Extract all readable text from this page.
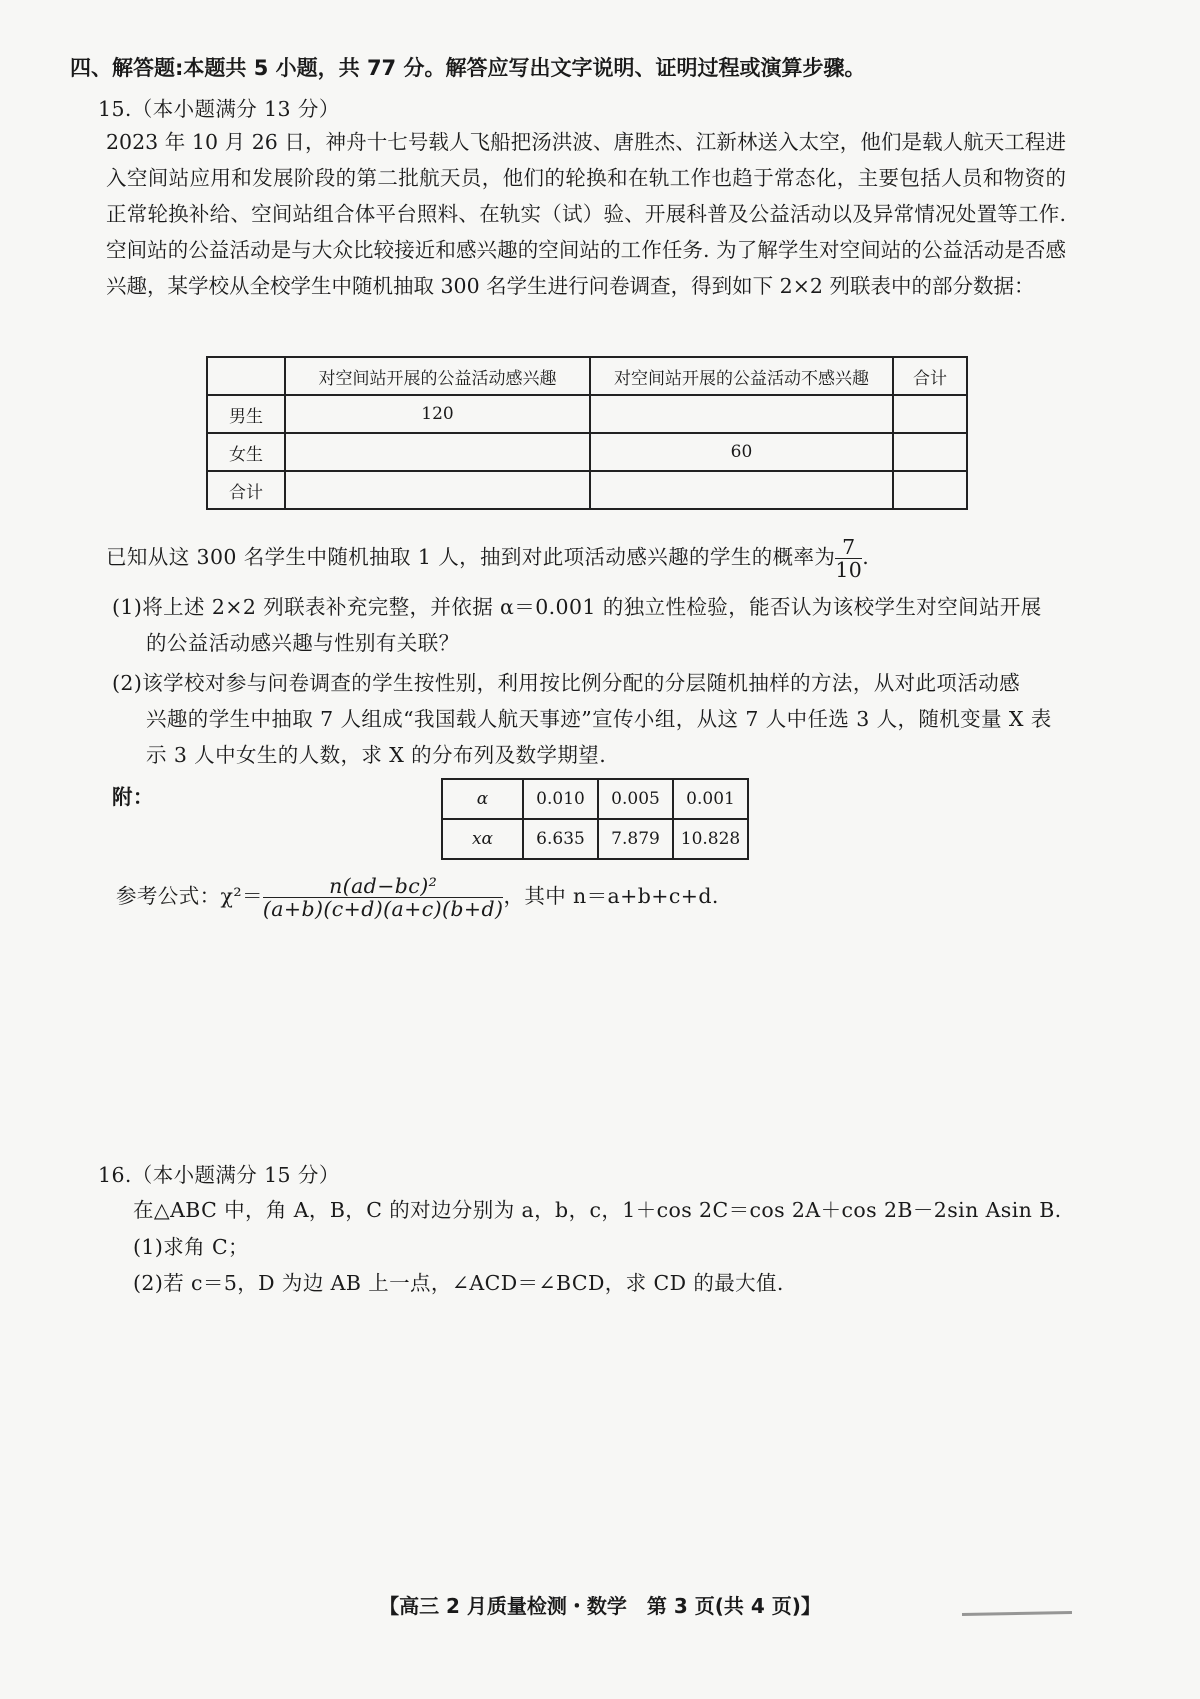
四、解答题:本题共 5 小题，共 77 分。解答应写出文字说明、证明过程或演算步骤。
15.（本小题满分 13 分）
2023 年 10 月 26 日，神舟十七号载人飞船把汤洪波、唐胜杰、江新林送入太空，他们是载人航天工程进入空间站应用和发展阶段的第二批航天员，他们的轮换和在轨工作也趋于常态化，主要包括人员和物资的正常轮换补给、空间站组合体平台照料、在轨实（试）验、开展科普及公益活动以及异常情况处置等工作. 空间站的公益活动是与大众比较接近和感兴趣的空间站的工作任务. 为了解学生对空间站的公益活动是否感兴趣，某学校从全校学生中随机抽取 300 名学生进行问卷调查，得到如下 2×2 列联表中的部分数据：
	对空间站开展的公益活动感兴趣	对空间站开展的公益活动不感兴趣	合计
男生	120		
女生		60	
合计			
已知从这 300 名学生中随机抽取 1 人，抽到对此项活动感兴趣的学生的概率为 $\frac{7}{10}$ .
(1)将上述 2×2 列联表补充完整，并依据 α＝0.001 的独立性检验，能否认为该校学生对空间站开展
的公益活动感兴趣与性别有关联？
(2)该学校对参与问卷调查的学生按性别，利用按比例分配的分层随机抽样的方法，从对此项活动感
兴趣的学生中抽取 7 人组成“我国载人航天事迹”宣传小组，从这 7 人中任选 3 人，随机变量 X 表
示 3 人中女生的人数，求 X 的分布列及数学期望.
附：	α	0.010	0.005	0.001
xα	6.635	7.879	10.828
参考公式：$\chi^2= \frac{\text{n(ad−bc)²}}{(a+b)(c+d)(a+c)(b+d)}$ ，其中 n＝a+b+c+d.
16.（本小题满分 15 分）
在△ABC 中，角 A，B，C 的对边分别为 a，b，c，1＋cos 2C＝cos 2A＋cos 2B－2sin Asin B.
(1)求角 C；
(2)若 c＝5，D 为边 AB 上一点，∠ACD＝∠BCD，求 CD 的最大值.
【高三 2 月质量检测・数学　第 3 页(共 4 页)】
